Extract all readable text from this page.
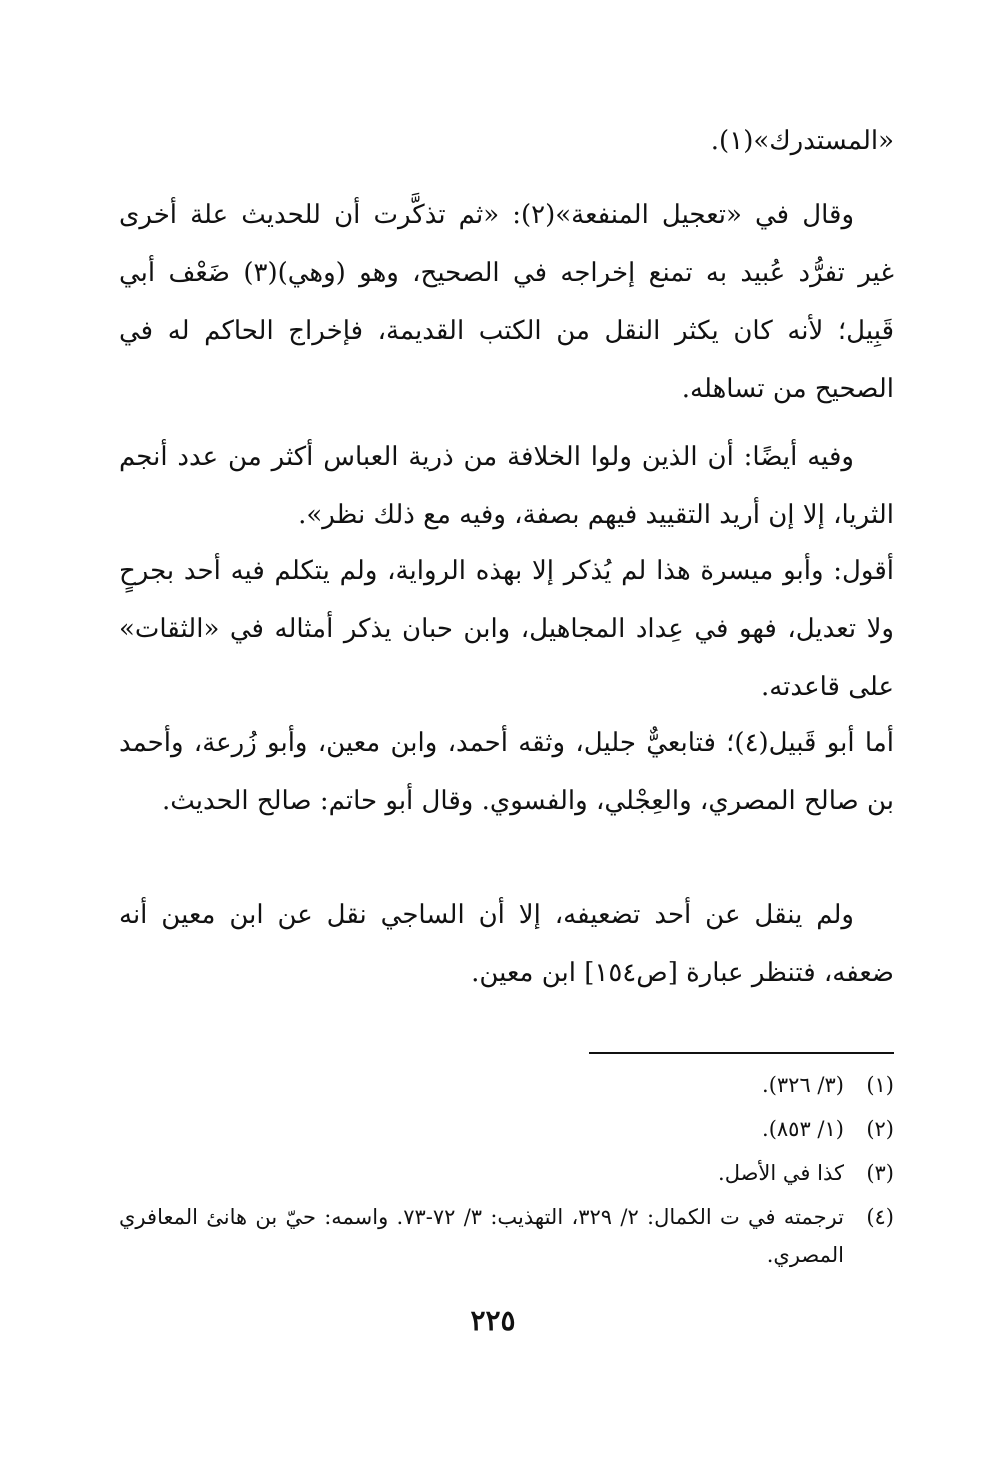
«المستدرك»(١).

وقال في «تعجيل المنفعة»(٢): «ثم تذكَّرت أن للحديث علة أخرى غير تفرُّد عُبيد به تمنع إخراجه في الصحيح، وهو (وهي)(٣) ضَعْف أبي قَبِيل؛ لأنه كان يكثر النقل من الكتب القديمة، فإخراج الحاكم له في الصحيح من تساهله.

وفيه أيضًا: أن الذين ولوا الخلافة من ذرية العباس أكثر من عدد أنجم الثريا، إلا إن أريد التقييد فيهم بصفة، وفيه مع ذلك نظر».

أقول: وأبو ميسرة هذا لم يُذكر إلا بهذه الرواية، ولم يتكلم فيه أحد بجرحٍ ولا تعديل، فهو في عِداد المجاهيل، وابن حبان يذكر أمثاله في «الثقات» على قاعدته.

أما أبو قَبيل(٤)؛ فتابعيٌّ جليل، وثقه أحمد، وابن معين، وأبو زُرعة، وأحمد بن صالح المصري، والعِجْلي، والفسوي. وقال أبو حاتم: صالح الحديث.

ولم ينقل عن أحد تضعيفه، إلا أن الساجي نقل عن ابن معين أنه ضعفه، فتنظر عبارة [ص١٥٤] ابن معين.

(١)
(٣/ ٣٢٦).
(٢)
(١/ ٨٥٣).
(٣)
كذا في الأصل.
(٤)
ترجمته في ت الكمال: ٢/ ٣٢٩، التهذيب: ٣/ ٧٢-٧٣. واسمه: حيّ بن هانئ المعافري المصري.
٢٢٥
